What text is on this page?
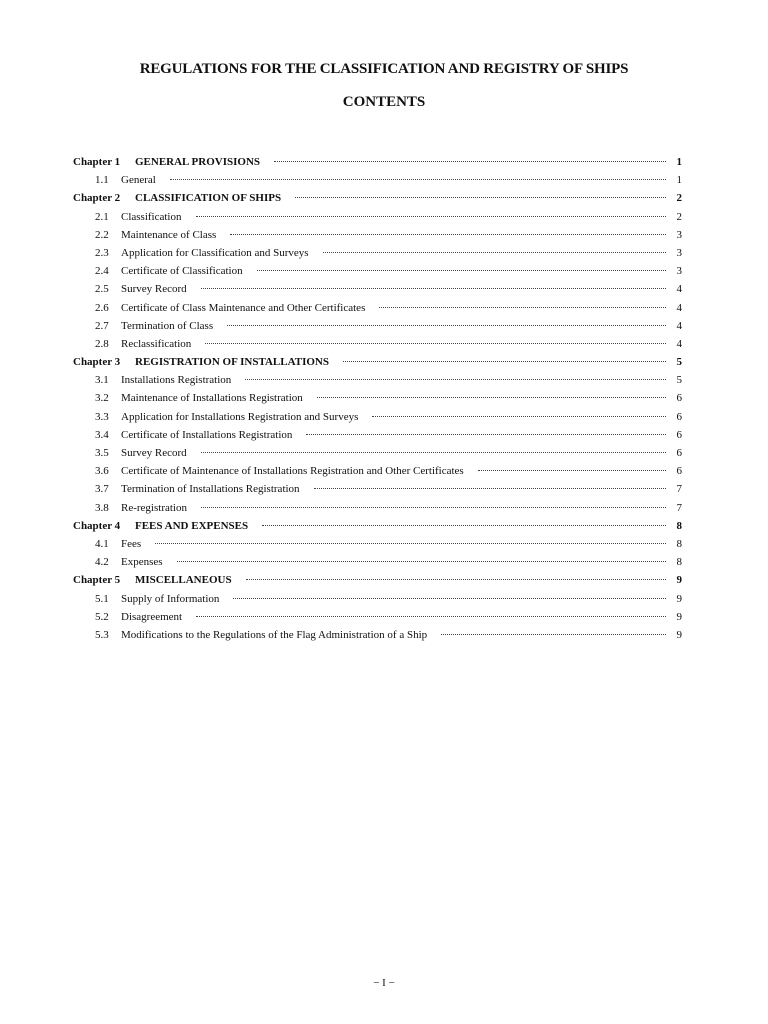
REGULATIONS FOR THE CLASSIFICATION AND REGISTRY OF SHIPS
CONTENTS
Chapter 1	GENERAL PROVISIONS	1
1.1	General	1
Chapter 2	CLASSIFICATION OF SHIPS	2
2.1	Classification	2
2.2	Maintenance of Class	3
2.3	Application for Classification and Surveys	3
2.4	Certificate of Classification	3
2.5	Survey Record	4
2.6	Certificate of Class Maintenance and Other Certificates	4
2.7	Termination of Class	4
2.8	Reclassification	4
Chapter 3	REGISTRATION OF INSTALLATIONS	5
3.1	Installations Registration	5
3.2	Maintenance of Installations Registration	6
3.3	Application for Installations Registration and Surveys	6
3.4	Certificate of Installations Registration	6
3.5	Survey Record	6
3.6	Certificate of Maintenance of Installations Registration and Other Certificates	6
3.7	Termination of Installations Registration	7
3.8	Re-registration	7
Chapter 4	FEES AND EXPENSES	8
4.1	Fees	8
4.2	Expenses	8
Chapter 5	MISCELLANEOUS	9
5.1	Supply of Information	9
5.2	Disagreement	9
5.3	Modifications to the Regulations of the Flag Administration of a Ship	9
− I −
